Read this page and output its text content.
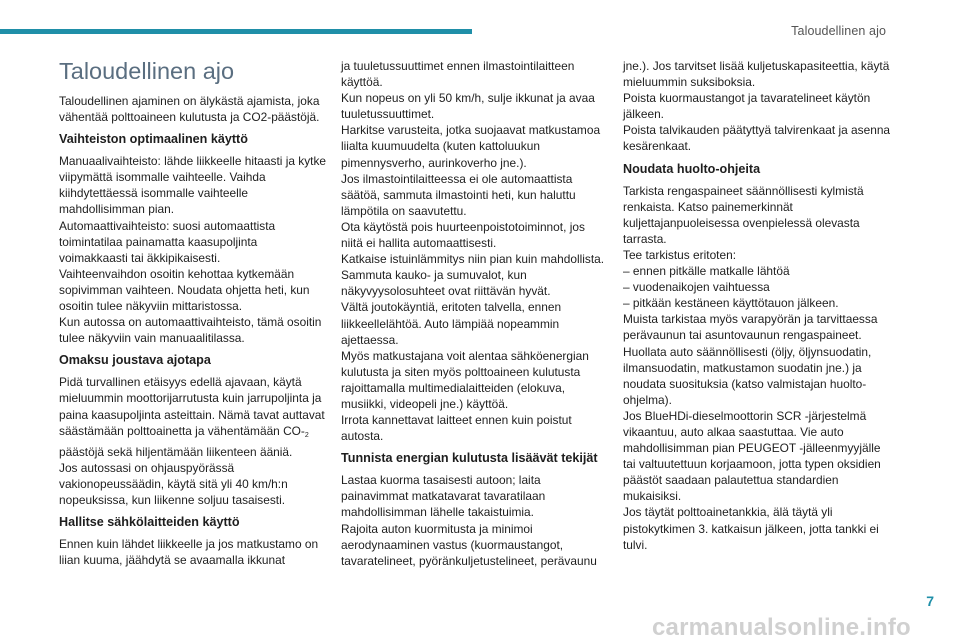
Taloudellinen ajo
Taloudellinen ajo

Taloudellinen ajaminen on älykästä ajamista, joka vähentää polttoaineen kulutusta ja CO2-päästöjä.

Vaihteiston optimaalinen käyttö

Manuaalivaihteisto: lähde liikkeelle hitaasti ja kytke viipymättä isommalle vaihteelle. Vaihda kiihdytettäessä isommalle vaihteelle mahdollisimman pian.
Automaattivaihteisto: suosi automaattista toimintatilaa painamatta kaasupoljinta voimakkaasti tai äkkipikaisesti.
Vaihteenvaihdon osoitin kehottaa kytkemään sopivimman vaihteen. Noudata ohjetta heti, kun osoitin tulee näkyviin mittaristossa.
Kun autossa on automaattivaihteisto, tämä osoitin tulee näkyviin vain manuaalitilassa.

Omaksu joustava ajotapa

Pidä turvallinen etäisyys edellä ajavaan, käytä mieluummin moottorijarrutusta kuin jarrupoljinta ja paina kaasupoljinta asteittain. Nämä tavat auttavat säästämään polttoainetta ja vähentämään $CO-_2$ päästöjä sekä hiljentämään liikenteen ääniä.
Jos autossasi on ohjauspyörässä vakionopeussäädin, käytä sitä yli 40 km/h:n nopeuksissa, kun liikenne soljuu tasaisesti.

Hallitse sähkölaitteiden käyttö

Ennen kuin lähdet liikkeelle ja jos matkustamo on liian kuuma, jäähdytä se avaamalla ikkunat

ja tuuletussuuttimet ennen ilmastointilaitteen käyttöä.
Kun nopeus on yli 50 km/h, sulje ikkunat ja avaa tuuletussuuttimet.
Harkitse varusteita, jotka suojaavat matkustamoa liialta kuumuudelta (kuten kattoluukun pimennysverho, aurinkoverho jne.).
Jos ilmastointilaitteessa ei ole automaattista säätöä, sammuta ilmastointi heti, kun haluttu lämpötila on saavutettu.
Ota käytöstä pois huurteenpoistotoiminnot, jos niitä ei hallita automaattisesti.
Katkaise istuinlämmitys niin pian kuin mahdollista.
Sammuta kauko- ja sumuvalot, kun näkyvyysolosuhteet ovat riittävän hyvät.
Vältä joutokäyntiä, eritoten talvella, ennen liikkeellelähtöä. Auto lämpiää nopeammin ajettaessa.
Myös matkustajana voit alentaa sähköenergian kulutusta ja siten myös polttoaineen kulutusta rajoittamalla multimedialaitteiden (elokuva, musiikki, videopeli jne.) käyttöä.
Irrota kannettavat laitteet ennen kuin poistut autosta.

Tunnista energian kulutusta lisäävät tekijät

Lastaa kuorma tasaisesti autoon; laita painavimmat matkatavarat tavaratilaan mahdollisimman lähelle takaistuimia.
Rajoita auton kuormitusta ja minimoi aerodynaaminen vastus (kuormaustangot, tavaratelineet, pyöränkuljetustelineet, perävaunu

jne.). Jos tarvitset lisää kuljetuskapasiteettia, käytä mieluummin suksiboksia.
Poista kuormaustangot ja tavaratelineet käytön jälkeen.
Poista talvikauden päätyttyä talvirenkaat ja asenna kesärenkaat.

Noudata huolto-ohjeita

Tarkista rengaspaineet säännöllisesti kylmistä renkaista. Katso painemerkinnät kuljettajanpuoleisessa ovenpielessä olevasta tarrasta.
Tee tarkistus eritoten:
– ennen pitkälle matkalle lähtöä
– vuodenaikojen vaihtuessa
– pitkään kestäneen käyttötauon jälkeen.
Muista tarkistaa myös varapyörän ja tarvittaessa perävaunun tai asuntovaunun rengaspaineet.
Huollata auto säännöllisesti (öljy, öljynsuodatin, ilmansuodatin, matkustamon suodatin jne.) ja noudata suosituksia (katso valmistajan huolto-ohjelma).
Jos BlueHDi-dieselmoottorin SCR -järjestelmä vikaantuu, auto alkaa saastuttaa. Vie auto mahdollisimman pian PEUGEOT -jälleenmyyjälle tai valtuutettuun korjaamoon, jotta typen oksidien päästöt saadaan palautettua standardien mukaisiksi.
Jos täytät polttoainetankkia, älä täytä yli pistokytkimen 3. katkaisun jälkeen, jotta tankki ei tulvi.

7
carmanualsonline.info
